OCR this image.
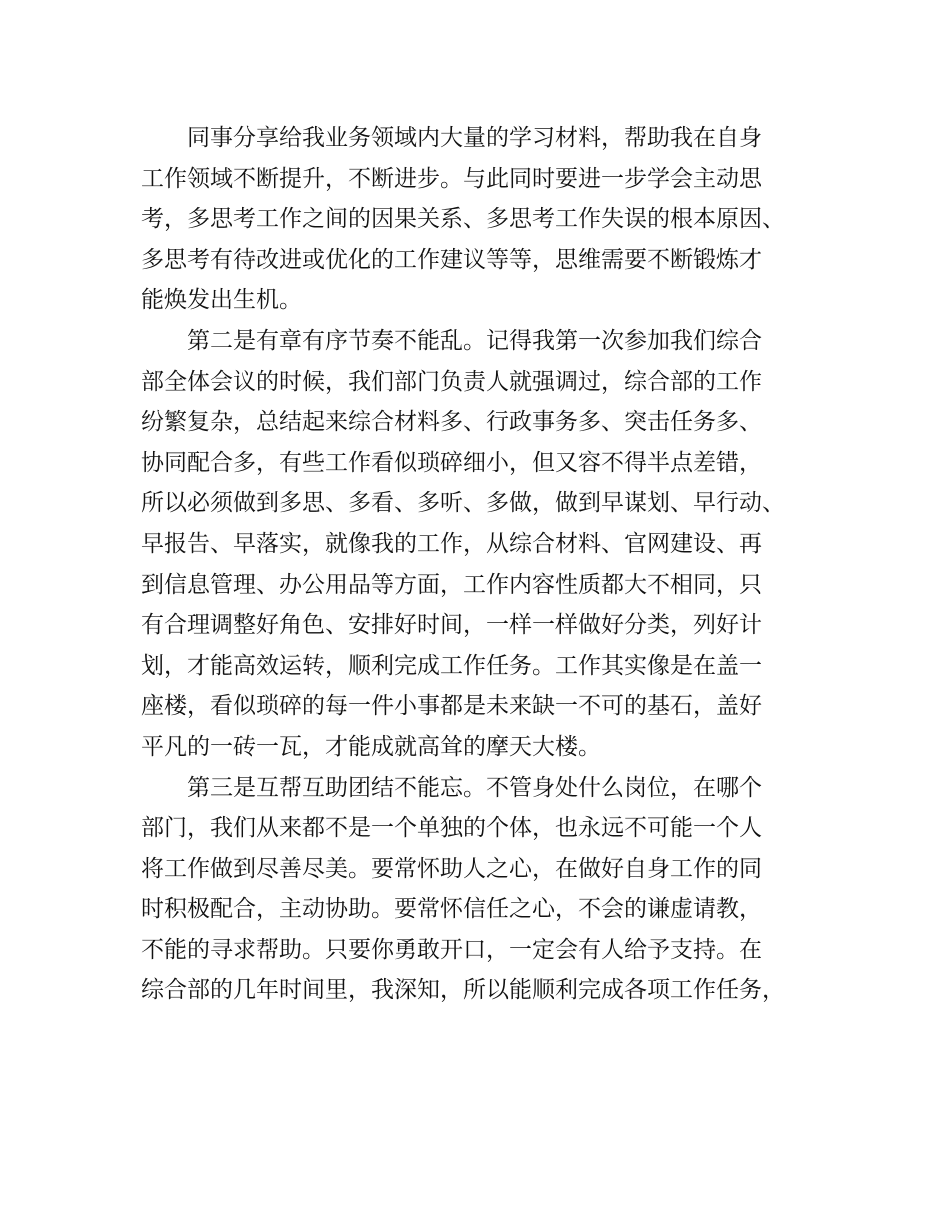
同事分享给我业务领域内大量的学习材料，帮助我在自身
工作领域不断提升，不断进步。与此同时要进一步学会主动思
考，多思考工作之间的因果关系、多思考工作失误的根本原因、
多思考有待改进或优化的工作建议等等，思维需要不断锻炼才
能焕发出生机。
第二是有章有序节奏不能乱。记得我第一次参加我们综合
部全体会议的时候，我们部门负责人就强调过，综合部的工作
纷繁复杂，总结起来综合材料多、行政事务多、突击任务多、
协同配合多，有些工作看似琐碎细小，但又容不得半点差错，
所以必须做到多思、多看、多听、多做，做到早谋划、早行动、
早报告、早落实，就像我的工作，从综合材料、官网建设、再
到信息管理、办公用品等方面，工作内容性质都大不相同，只
有合理调整好角色、安排好时间，一样一样做好分类，列好计
划，才能高效运转，顺利完成工作任务。工作其实像是在盖一
座楼，看似琐碎的每一件小事都是未来缺一不可的基石，盖好
平凡的一砖一瓦，才能成就高耸的摩天大楼。
第三是互帮互助团结不能忘。不管身处什么岗位，在哪个
部门，我们从来都不是一个单独的个体，也永远不可能一个人
将工作做到尽善尽美。要常怀助人之心，在做好自身工作的同
时积极配合，主动协助。要常怀信任之心，不会的谦虚请教，
不能的寻求帮助。只要你勇敢开口，一定会有人给予支持。在
综合部的几年时间里，我深知，所以能顺利完成各项工作任务，
